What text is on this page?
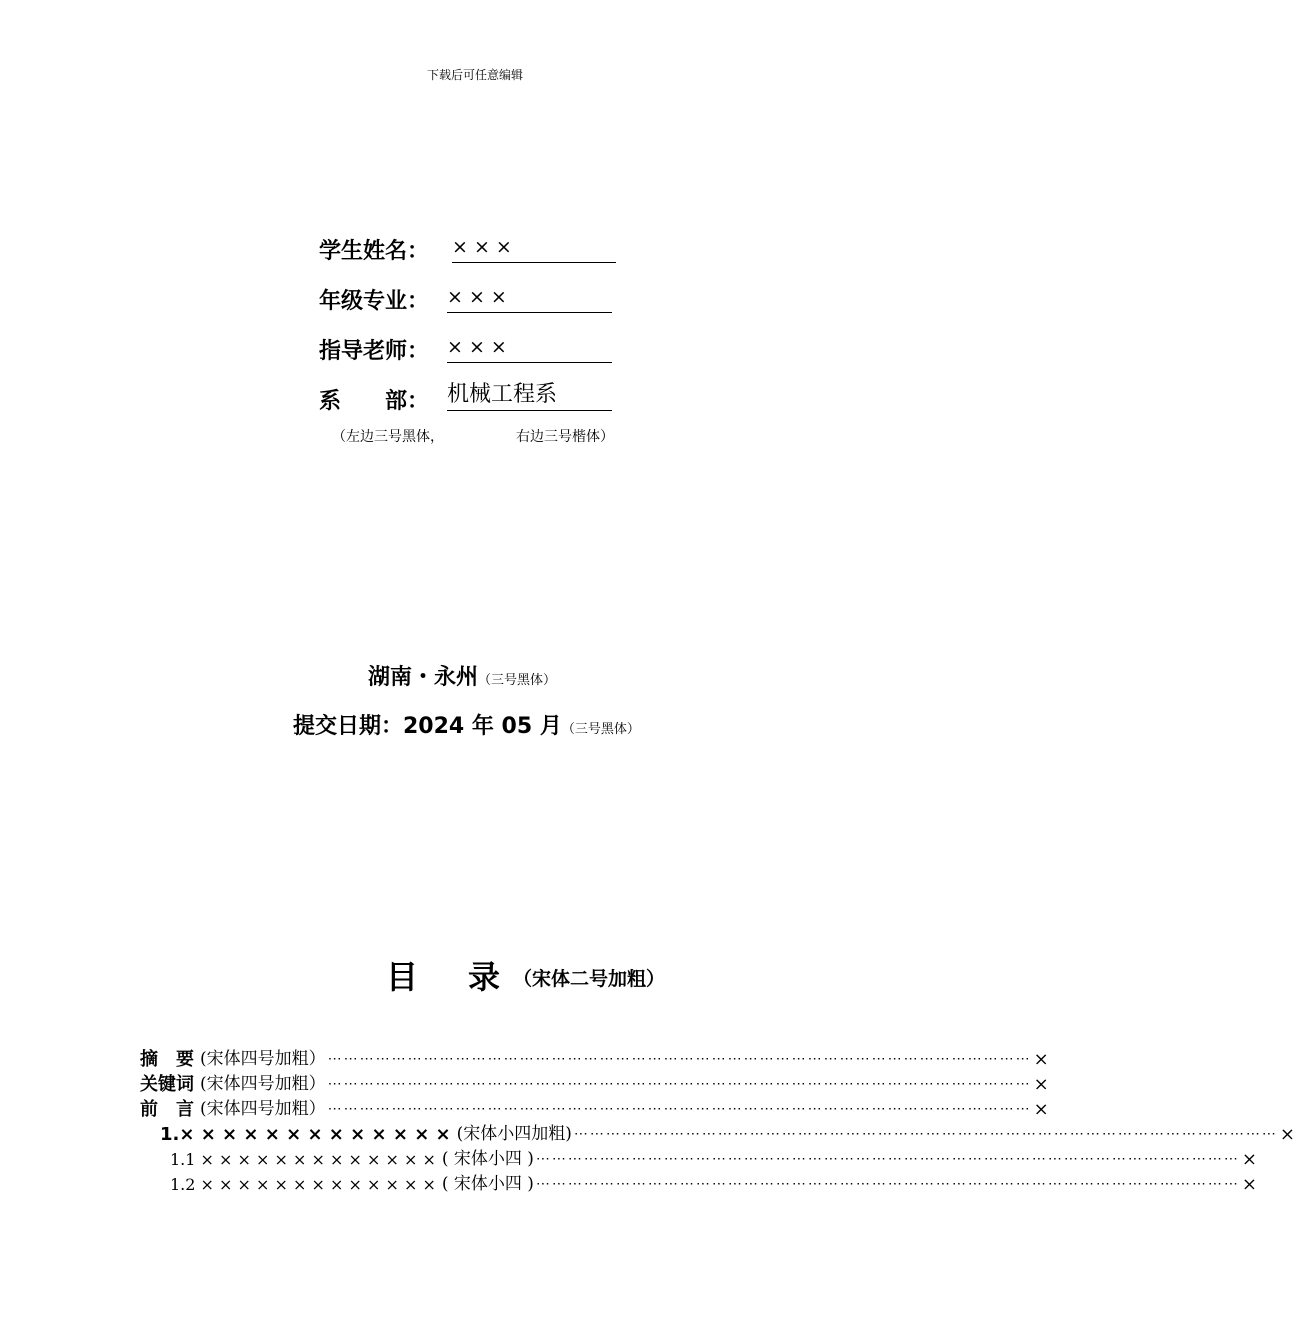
下载后可任意编辑
学生姓名： × × ×
年级专业： × × ×
指导老师： × × ×
系　　部： 机械工程系
（左边三号黑体，	右边三号楷体）
湖南・永州（三号黑体）
提交日期：2024 年 05 月（三号黑体）
目 录 （宋体二号加粗）
摘　要 (宋体四号加粗） ⋯⋯⋯⋯⋯⋯⋯⋯⋯⋯⋯⋯⋯⋯⋯⋯⋯⋯⋯⋯⋯⋯⋯⋯⋯⋯⋯⋯⋯⋯⋯⋯⋯⋯⋯⋯⋯⋯⋯⋯⋯⋯⋯⋯ ×
关键词 (宋体四号加粗） ⋯⋯⋯⋯⋯⋯⋯⋯⋯⋯⋯⋯⋯⋯⋯⋯⋯⋯⋯⋯⋯⋯⋯⋯⋯⋯⋯⋯⋯⋯⋯⋯⋯⋯⋯⋯⋯⋯⋯⋯⋯⋯⋯⋯ ×
前　言 (宋体四号加粗） ⋯⋯⋯⋯⋯⋯⋯⋯⋯⋯⋯⋯⋯⋯⋯⋯⋯⋯⋯⋯⋯⋯⋯⋯⋯⋯⋯⋯⋯⋯⋯⋯⋯⋯⋯⋯⋯⋯⋯⋯⋯⋯⋯⋯ ×
1.× × × × × × × × × × × × × (宋体小四加粗) ⋯⋯⋯⋯⋯⋯⋯⋯⋯⋯⋯⋯⋯⋯⋯⋯⋯⋯⋯⋯⋯⋯⋯⋯⋯⋯⋯⋯⋯⋯⋯⋯⋯⋯⋯⋯⋯⋯⋯⋯⋯⋯⋯⋯ ×
1.1 × × × × × × × × × × × × × ( 宋体小四 ) ⋯⋯⋯⋯⋯⋯⋯⋯⋯⋯⋯⋯⋯⋯⋯⋯⋯⋯⋯⋯⋯⋯⋯⋯⋯⋯⋯⋯⋯⋯⋯⋯⋯⋯⋯⋯⋯⋯⋯⋯⋯⋯⋯⋯ ×
1.2 × × × × × × × × × × × × × ( 宋体小四 ) ⋯⋯⋯⋯⋯⋯⋯⋯⋯⋯⋯⋯⋯⋯⋯⋯⋯⋯⋯⋯⋯⋯⋯⋯⋯⋯⋯⋯⋯⋯⋯⋯⋯⋯⋯⋯⋯⋯⋯⋯⋯⋯⋯⋯ ×
